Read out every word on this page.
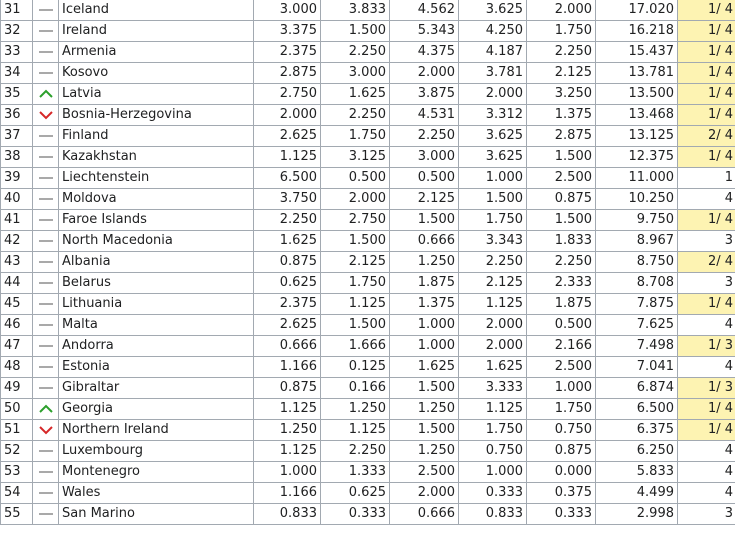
31		Iceland	3.000	3.833	4.562	3.625	2.000	17.020	1/ 4
32		Ireland	3.375	1.500	5.343	4.250	1.750	16.218	1/ 4
33		Armenia	2.375	2.250	4.375	4.187	2.250	15.437	1/ 4
34		Kosovo	2.875	3.000	2.000	3.781	2.125	13.781	1/ 4
35		Latvia	2.750	1.625	3.875	2.000	3.250	13.500	1/ 4
36		Bosnia-Herzegovina	2.000	2.250	4.531	3.312	1.375	13.468	1/ 4
37		Finland	2.625	1.750	2.250	3.625	2.875	13.125	2/ 4
38		Kazakhstan	1.125	3.125	3.000	3.625	1.500	12.375	1/ 4
39		Liechtenstein	6.500	0.500	0.500	1.000	2.500	11.000	1
40		Moldova	3.750	2.000	2.125	1.500	0.875	10.250	4
41		Faroe Islands	2.250	2.750	1.500	1.750	1.500	9.750	1/ 4
42		North Macedonia	1.625	1.500	0.666	3.343	1.833	8.967	3
43		Albania	0.875	2.125	1.250	2.250	2.250	8.750	2/ 4
44		Belarus	0.625	1.750	1.875	2.125	2.333	8.708	3
45		Lithuania	2.375	1.125	1.375	1.125	1.875	7.875	1/ 4
46		Malta	2.625	1.500	1.000	2.000	0.500	7.625	4
47		Andorra	0.666	1.666	1.000	2.000	2.166	7.498	1/ 3
48		Estonia	1.166	0.125	1.625	1.625	2.500	7.041	4
49		Gibraltar	0.875	0.166	1.500	3.333	1.000	6.874	1/ 3
50		Georgia	1.125	1.250	1.250	1.125	1.750	6.500	1/ 4
51		Northern Ireland	1.250	1.125	1.500	1.750	0.750	6.375	1/ 4
52		Luxembourg	1.125	2.250	1.250	0.750	0.875	6.250	4
53		Montenegro	1.000	1.333	2.500	1.000	0.000	5.833	4
54		Wales	1.166	0.625	2.000	0.333	0.375	4.499	4
55		San Marino	0.833	0.333	0.666	0.833	0.333	2.998	3
